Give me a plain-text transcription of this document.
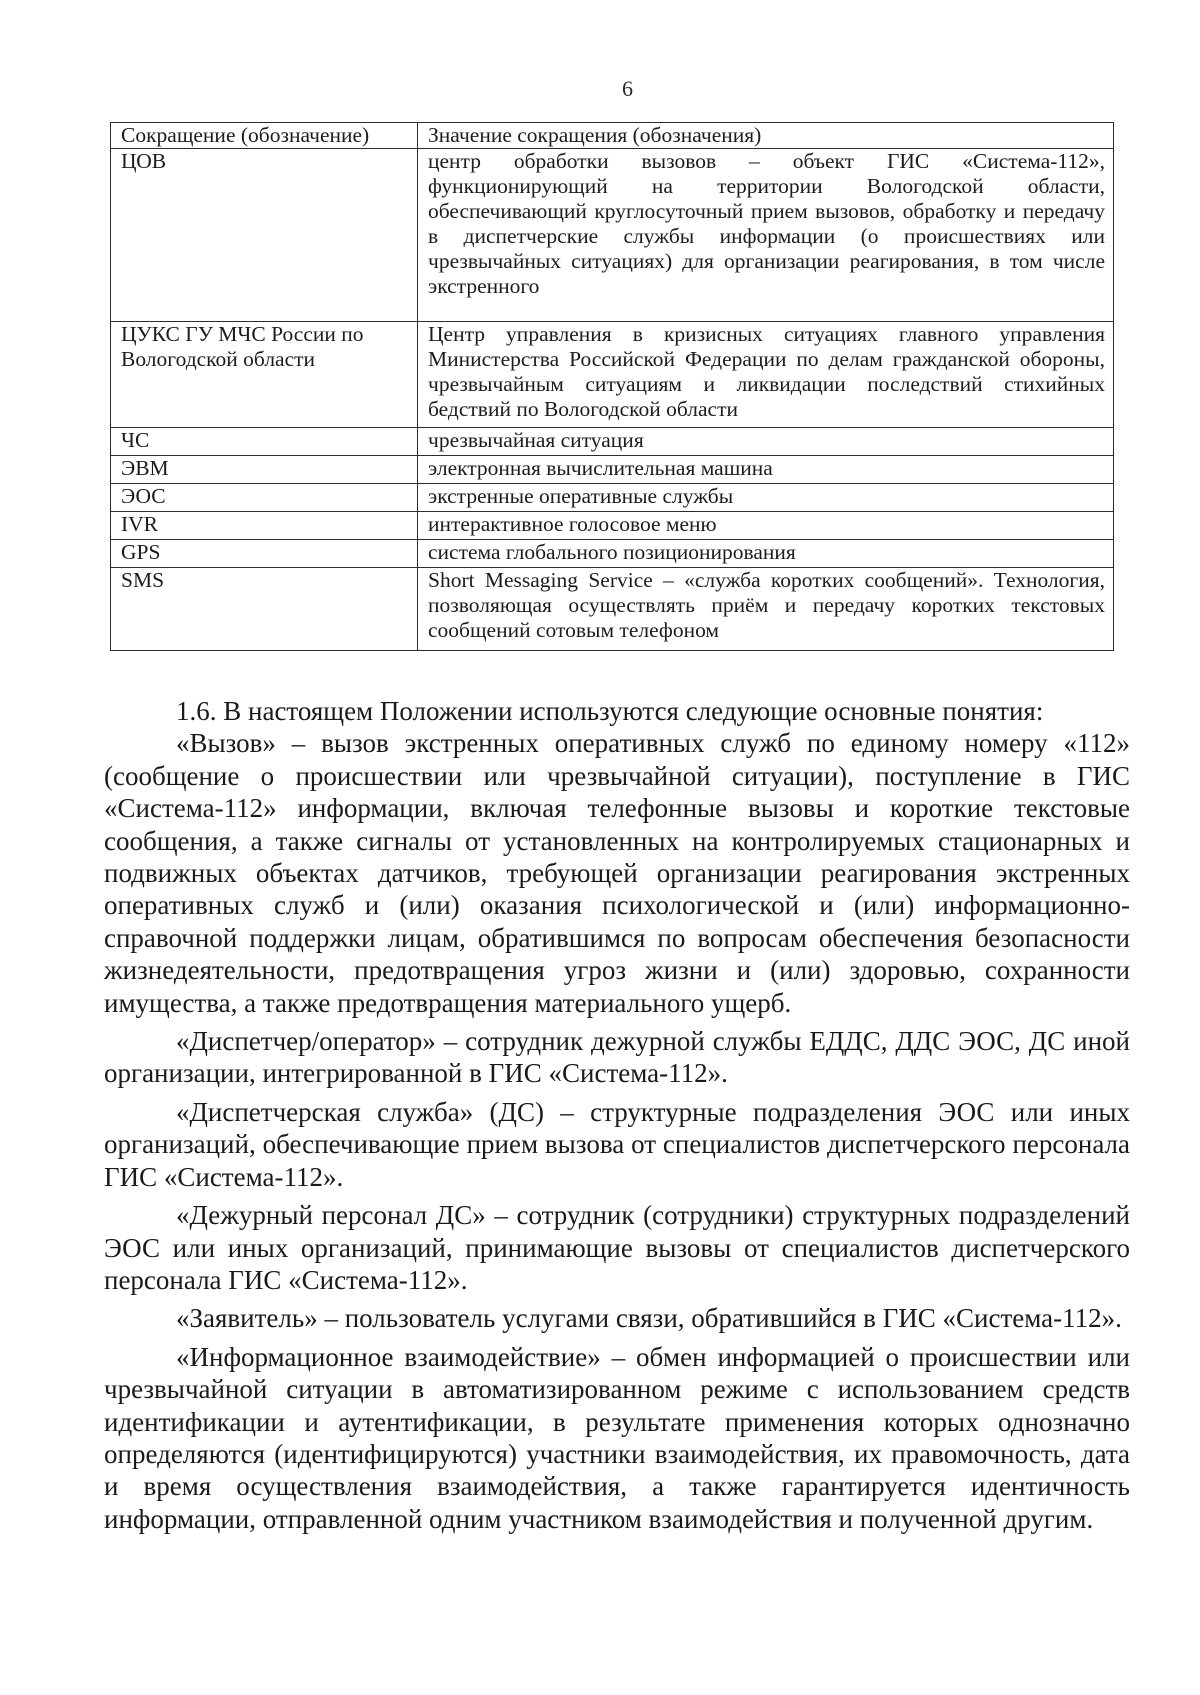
6
Сокращение (обозначение)	Значение сокращения (обозначения)
ЦОВ	центр обработки вызовов – объект ГИС «Система-112», функционирующий на территории Вологодской области, обеспечивающий круглосуточный прием вызовов, обработку и передачу в диспетчерские службы информации (о происшествиях или чрезвычайных ситуациях) для организации реагирования, в том числе экстренного
ЦУКС ГУ МЧС России по Вологодской области	Центр управления в кризисных ситуациях главного управления Министерства Российской Федерации по делам гражданской обороны, чрезвычайным ситуациям и ликвидации последствий стихийных бедствий по Вологодской области
ЧС	чрезвычайная ситуация
ЭВМ	электронная вычислительная машина
ЭОС	экстренные оперативные службы
IVR	интерактивное голосовое меню
GPS	система глобального позиционирования
SMS	Short Messaging Service – «служба коротких сообщений». Технология, позволяющая осуществлять приём и передачу коротких текстовых сообщений сотовым телефоном

1.6. В настоящем Положении используются следующие основные понятия:

«Вызов» – вызов экстренных оперативных служб по единому номеру «112» (сообщение о происшествии или чрезвычайной ситуации), поступление в ГИС «Система-112» информации, включая телефонные вызовы и короткие текстовые сообщения, а также сигналы от установленных на контролируемых стационарных и подвижных объектах датчиков, требующей организации реагирования экстренных оперативных служб и (или) оказания психологической и (или) информационно-справочной поддержки лицам, обратившимся по вопросам обеспечения безопасности жизнедеятельности, предотвращения угроз жизни и (или) здоровью, сохранности имущества, а также предотвращения материального ущерб.

«Диспетчер/оператор» – сотрудник дежурной службы ЕДДС, ДДС ЭОС, ДС иной организации, интегрированной в ГИС «Система-112».

«Диспетчерская служба» (ДС) – структурные подразделения ЭОС или иных организаций, обеспечивающие прием вызова от специалистов диспетчерского персонала ГИС «Система-112».

«Дежурный персонал ДС» – сотрудник (сотрудники) структурных подразделений ЭОС или иных организаций, принимающие вызовы от специалистов диспетчерского персонала ГИС «Система-112».

«Заявитель» – пользователь услугами связи, обратившийся в ГИС «Система-112».

«Информационное взаимодействие» – обмен информацией о происшествии или чрезвычайной ситуации в автоматизированном режиме с использованием средств идентификации и аутентификации, в результате применения которых однозначно определяются (идентифицируются) участники взаимодействия, их правомочность, дата и время осуществления взаимодействия, а также гарантируется идентичность информации, отправленной одним участником взаимодействия и полученной другим.
